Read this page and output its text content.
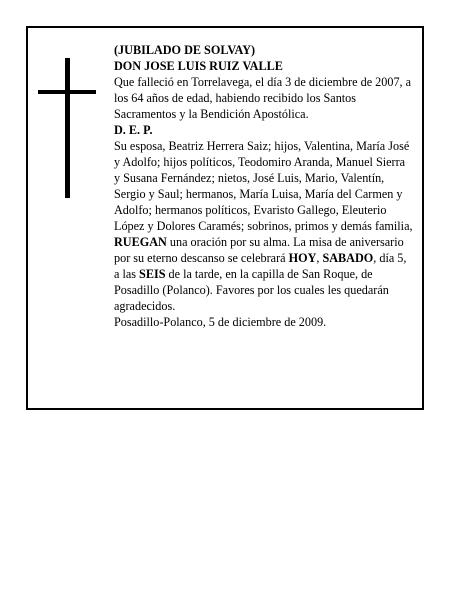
(JUBILADO DE SOLVAY)

DON JOSE LUIS RUIZ VALLE

Que falleció en Torrelavega, el día 3 de diciembre de 2007, a los 64 años de edad, habiendo recibido los Santos Sacramentos y la Bendición Apostólica.

D. E. P.

Su esposa, Beatriz Herrera Saiz; hijos, Valentina, María José y Adolfo; hijos políticos, Teodomiro Aranda, Manuel Sierra y Susana Fernández; nietos, José Luis, Mario, Valentín, Sergio y Saul; hermanos, María Luisa, María del Carmen y Adolfo; hermanos políticos, Evaristo Gallego, Eleuterio López y Dolores Caramés; sobrinos, primos y demás familia,

RUEGAN una oración por su alma. La misa de aniversario por su eterno descanso se celebrará HOY, SABADO, día 5, a las SEIS de la tarde, en la capilla de San Roque, de Posadillo (Polanco). Favores por los cuales les quedarán agradecidos.

Posadillo-Polanco, 5 de diciembre de 2009.
